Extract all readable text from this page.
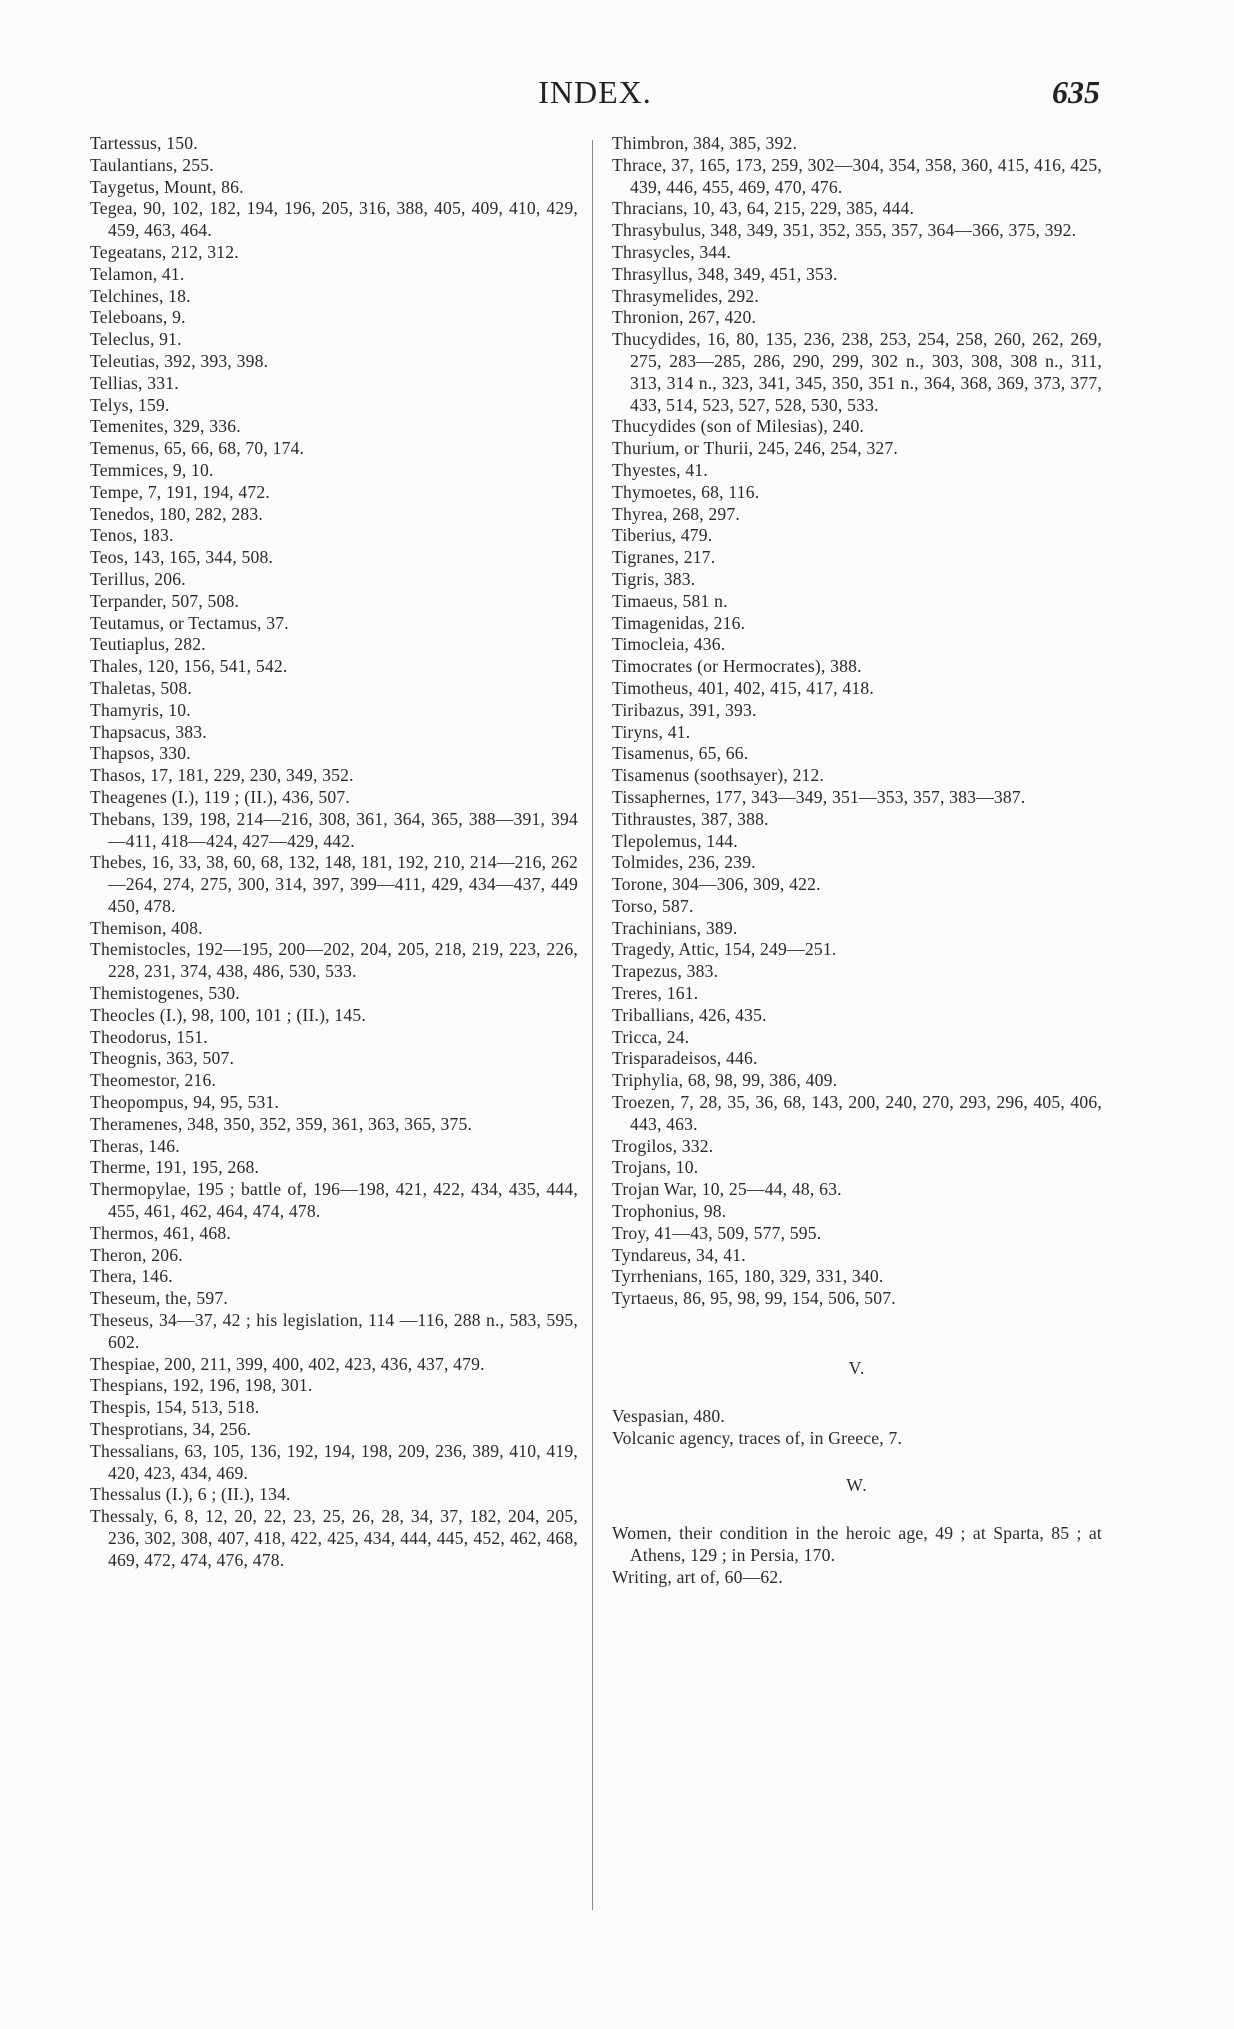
INDEX.	635

Tartessus, 150.

Taulantians, 255.

Taygetus, Mount, 86.

Tegea, 90, 102, 182, 194, 196, 205, 316, 388, 405, 409, 410, 429, 459, 463, 464.

Tegeatans, 212, 312.

Telamon, 41.

Telchines, 18.

Teleboans, 9.

Teleclus, 91.

Teleutias, 392, 393, 398.

Tellias, 331.

Telys, 159.

Temenites, 329, 336.

Temenus, 65, 66, 68, 70, 174.

Temmices, 9, 10.

Tempe, 7, 191, 194, 472.

Tenedos, 180, 282, 283.

Tenos, 183.

Teos, 143, 165, 344, 508.

Terillus, 206.

Terpander, 507, 508.

Teutamus, or Tectamus, 37.

Teutiaplus, 282.

Thales, 120, 156, 541, 542.

Thaletas, 508.

Thamyris, 10.

Thapsacus, 383.

Thapsos, 330.

Thasos, 17, 181, 229, 230, 349, 352.

Theagenes (I.), 119 ; (II.), 436, 507.

Thebans, 139, 198, 214—216, 308, 361, 364, 365, 388—391, 394—411, 418—424, 427—429, 442.

Thebes, 16, 33, 38, 60, 68, 132, 148, 181, 192, 210, 214—216, 262—264, 274, 275, 300, 314, 397, 399—411, 429, 434—437, 449 450, 478.

Themison, 408.

Themistocles, 192—195, 200—202, 204, 205, 218, 219, 223, 226, 228, 231, 374, 438, 486, 530, 533.

Themistogenes, 530.

Theocles (I.), 98, 100, 101 ; (II.), 145.

Theodorus, 151.

Theognis, 363, 507.

Theomestor, 216.

Theopompus, 94, 95, 531.

Theramenes, 348, 350, 352, 359, 361, 363, 365, 375.

Theras, 146.

Therme, 191, 195, 268.

Thermopylae, 195 ; battle of, 196—198, 421, 422, 434, 435, 444, 455, 461, 462, 464, 474, 478.

Thermos, 461, 468.

Theron, 206.

Thera, 146.

Theseum, the, 597.

Theseus, 34—37, 42 ; his legislation, 114 —116, 288 n., 583, 595, 602.

Thespiae, 200, 211, 399, 400, 402, 423, 436, 437, 479.

Thespians, 192, 196, 198, 301.

Thespis, 154, 513, 518.

Thesprotians, 34, 256.

Thessalians, 63, 105, 136, 192, 194, 198, 209, 236, 389, 410, 419, 420, 423, 434, 469.

Thessalus (I.), 6 ; (II.), 134.

Thessaly, 6, 8, 12, 20, 22, 23, 25, 26, 28, 34, 37, 182, 204, 205, 236, 302, 308, 407, 418, 422, 425, 434, 444, 445, 452, 462, 468, 469, 472, 474, 476, 478.

Thimbron, 384, 385, 392.

Thrace, 37, 165, 173, 259, 302—304, 354, 358, 360, 415, 416, 425, 439, 446, 455, 469, 470, 476.

Thracians, 10, 43, 64, 215, 229, 385, 444.

Thrasybulus, 348, 349, 351, 352, 355, 357, 364—366, 375, 392.

Thrasycles, 344.

Thrasyllus, 348, 349, 451, 353.

Thrasymelides, 292.

Thronion, 267, 420.

Thucydides, 16, 80, 135, 236, 238, 253, 254, 258, 260, 262, 269, 275, 283—285, 286, 290, 299, 302 n., 303, 308, 308 n., 311, 313, 314 n., 323, 341, 345, 350, 351 n., 364, 368, 369, 373, 377, 433, 514, 523, 527, 528, 530, 533.

Thucydides (son of Milesias), 240.

Thurium, or Thurii, 245, 246, 254, 327.

Thyestes, 41.

Thymoetes, 68, 116.

Thyrea, 268, 297.

Tiberius, 479.

Tigranes, 217.

Tigris, 383.

Timaeus, 581 n.

Timagenidas, 216.

Timocleia, 436.

Timocrates (or Hermocrates), 388.

Timotheus, 401, 402, 415, 417, 418.

Tiribazus, 391, 393.

Tiryns, 41.

Tisamenus, 65, 66.

Tisamenus (soothsayer), 212.

Tissaphernes, 177, 343—349, 351—353, 357, 383—387.

Tithraustes, 387, 388.

Tlepolemus, 144.

Tolmides, 236, 239.

Torone, 304—306, 309, 422.

Torso, 587.

Trachinians, 389.

Tragedy, Attic, 154, 249—251.

Trapezus, 383.

Treres, 161.

Triballians, 426, 435.

Tricca, 24.

Trisparadeisos, 446.

Triphylia, 68, 98, 99, 386, 409.

Troezen, 7, 28, 35, 36, 68, 143, 200, 240, 270, 293, 296, 405, 406, 443, 463.

Trogilos, 332.

Trojans, 10.

Trojan War, 10, 25—44, 48, 63.

Trophonius, 98.

Troy, 41—43, 509, 577, 595.

Tyndareus, 34, 41.

Tyrrhenians, 165, 180, 329, 331, 340.

Tyrtaeus, 86, 95, 98, 99, 154, 506, 507.

V.

Vespasian, 480.

Volcanic agency, traces of, in Greece, 7.

W.

Women, their condition in the heroic age, 49 ; at Sparta, 85 ; at Athens, 129 ; in Persia, 170.

Writing, art of, 60—62.
